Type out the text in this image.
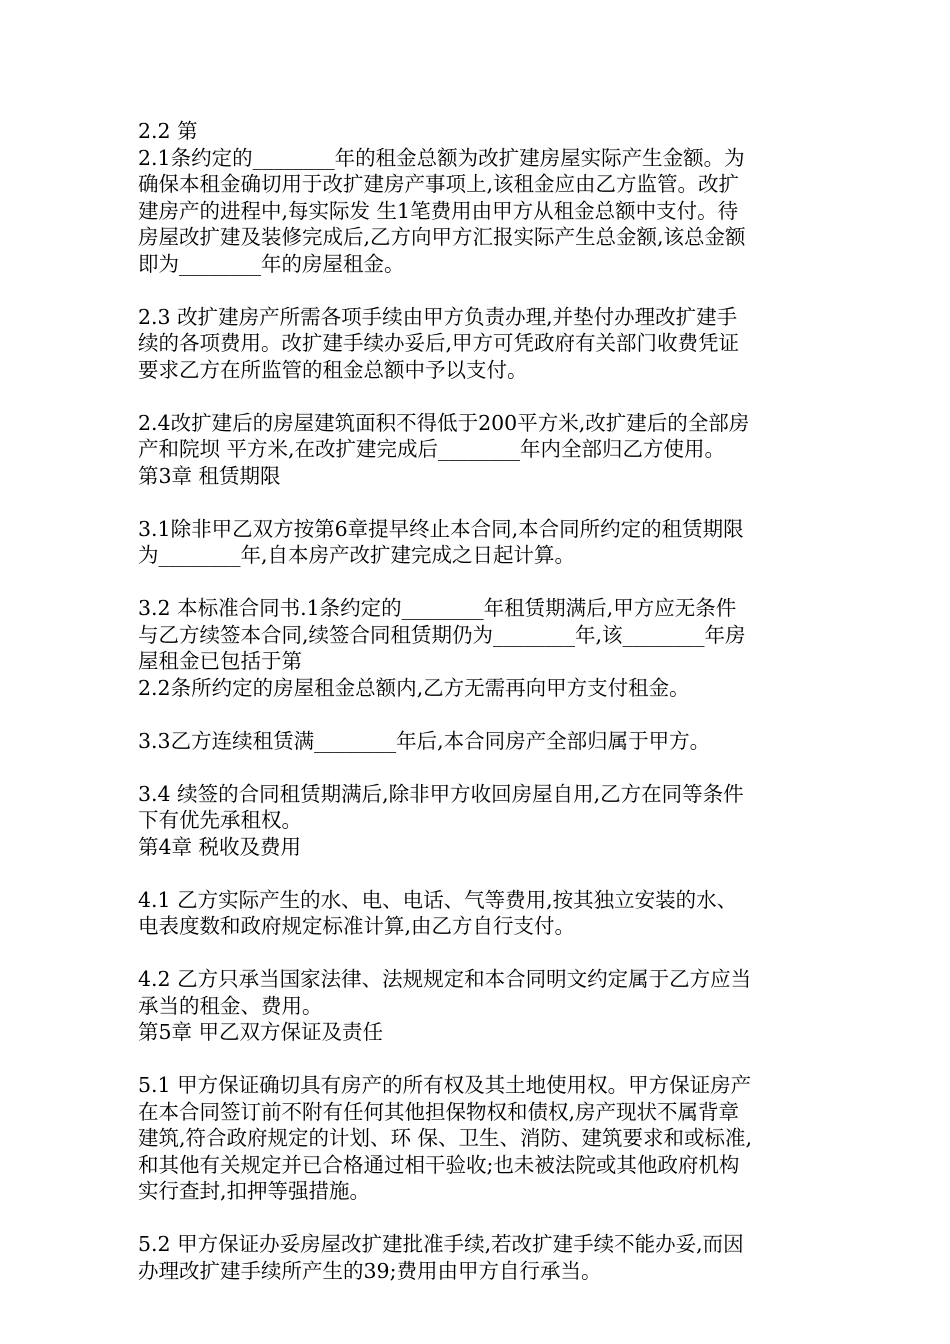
2.2 第
2.1条约定的________年的租金总额为改扩建房屋实际产生金额。为
确保本租金确切用于改扩建房产事项上,该租金应由乙方监管。改扩
建房产的进程中,每实际发 生1笔费用由甲方从租金总额中支付。待
房屋改扩建及装修完成后,乙方向甲方汇报实际产生总金额,该总金额
即为________年的房屋租金。
2.3 改扩建房产所需各项手续由甲方负责办理,并垫付办理改扩建手
续的各项费用。改扩建手续办妥后,甲方可凭政府有关部门收费凭证
要求乙方在所监管的租金总额中予以支付。
2.4改扩建后的房屋建筑面积不得低于200平方米,改扩建后的全部房
产和院坝 平方米,在改扩建完成后________年内全部归乙方使用。
第3章 租赁期限
3.1除非甲乙双方按第6章提早终止本合同,本合同所约定的租赁期限
为________年,自本房产改扩建完成之日起计算。
3.2 本标准合同书.1条约定的________年租赁期满后,甲方应无条件
与乙方续签本合同,续签合同租赁期仍为________年,该________年房
屋租金已包括于第
2.2条所约定的房屋租金总额内,乙方无需再向甲方支付租金。
3.3乙方连续租赁满________年后,本合同房产全部归属于甲方。
3.4 续签的合同租赁期满后,除非甲方收回房屋自用,乙方在同等条件
下有优先承租权。
第4章 税收及费用
4.1 乙方实际产生的水、电、电话、气等费用,按其独立安装的水、
电表度数和政府规定标准计算,由乙方自行支付。
4.2 乙方只承当国家法律、法规规定和本合同明文约定属于乙方应当
承当的租金、费用。
第5章 甲乙双方保证及责任
5.1 甲方保证确切具有房产的所有权及其土地使用权。甲方保证房产
在本合同签订前不附有任何其他担保物权和债权,房产现状不属背章
建筑,符合政府规定的计划、环 保、卫生、消防、建筑要求和或标准,
和其他有关规定并已合格通过相干验收;也未被法院或其他政府机构
实行查封,扣押等强措施。
5.2 甲方保证办妥房屋改扩建批准手续,若改扩建手续不能办妥,而因
办理改扩建手续所产生的39;费用由甲方自行承当。
